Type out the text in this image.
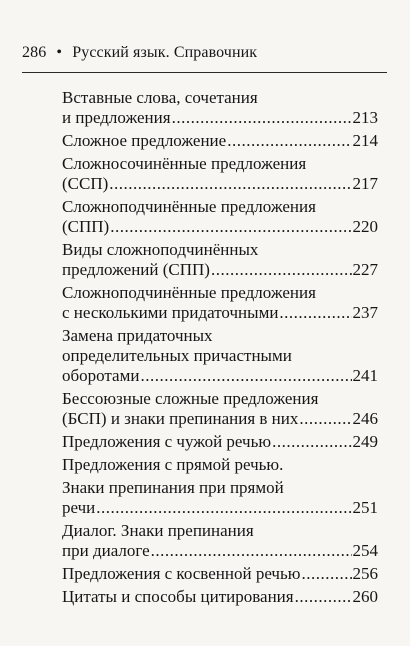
286 • Русский язык. Справочник
Вставные слова, сочетания
и предложения .....	213
Сложное предложение .....	214
Сложносочинённые предложения
(ССП) .....	217
Сложноподчинённые предложения
(СПП) .....	220
Виды сложноподчинённых
предложений (СПП) .....	227
Сложноподчинённые предложения
с несколькими придаточными .....	237
Замена придаточных
определительных причастными
оборотами .....	241
Бессоюзные сложные предложения
(БСП) и знаки препинания в них .....	246
Предложения с чужой речью .....	249
Предложения с прямой речью.
Знаки препинания при прямой
речи .....	251
Диалог. Знаки препинания
при диалоге .....	254
Предложения с косвенной речью .....	256
Цитаты и способы цитирования .....	260
